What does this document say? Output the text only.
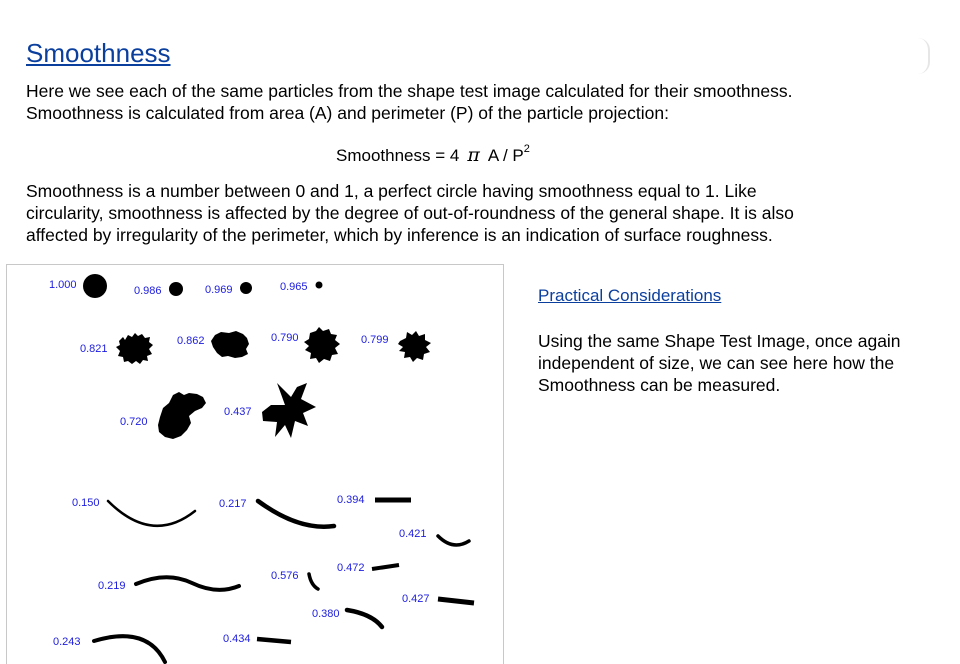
Smoothness

Here we see each of the same particles from the shape test image calculated for their smoothness.
Smoothness is calculated from area (A) and perimeter (P) of the particle projection:

Smoothness = 4 π A / $P^2$

Smoothness is a number between 0 and 1, a perfect circle having smoothness equal to 1. Like
circularity, smoothness is affected by the degree of out-of-roundness of the general shape. It is also
affected by irregularity of the perimeter, which by inference is an indication of surface roughness.

1.000	0.986	0.969	0.965
0.821
0.862	0.790	0.799
0.720
0.437
0.150	0.217	0.394
0.421
0.219
0.576
0.472
0.427
0.380
0.243	0.434
Practical Considerations

Using the same Shape Test Image, once again
independent of size, we can see here how the
Smoothness can be measured.
